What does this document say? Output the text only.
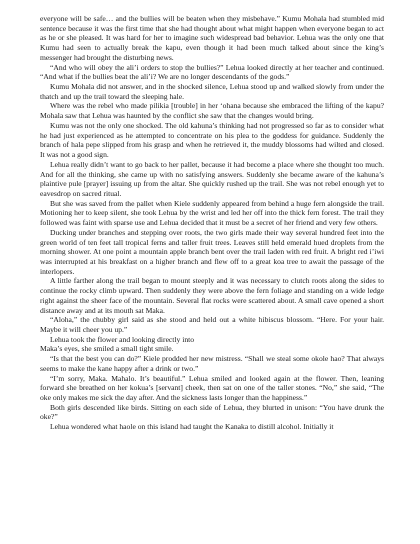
everyone will be safe… and the bullies will be beaten when they misbehave.” Kumu Mohala had stumbled mid sentence because it was the first time that she had thought about what might happen when everyone began to act as he or she pleased. It was hard for her to imagine such widespread bad behavior. Lehua was the only one that Kumu had seen to actually break the kapu, even though it had been much talked about since the king’s messenger had brought the disturbing news.

“And who will obey the ali’i orders to stop the bullies?” Lehua looked directly at her teacher and continued. “And what if the bullies beat the ali’i? We are no longer descendants of the gods.”

Kumu Mohala did not answer, and in the shocked silence, Lehua stood up and walked slowly from under the thatch and up the trail toward the sleeping hale.

Where was the rebel who made pilikia [trouble] in her ‘ohana because she embraced the lifting of the kapu? Mohala saw that Lehua was haunted by the conflict she saw that the changes would bring.

Kumu was not the only one shocked. The old kahuna’s thinking had not progressed so far as to consider what he had just experienced as he attempted to concentrate on his plea to the goddess for guidance. Suddenly the branch of hala pepe slipped from his grasp and when he retrieved it, the muddy blossoms had wilted and closed. It was not a good sign.

Lehua really didn’t want to go back to her pallet, because it had become a place where she thought too much. And for all the thinking, she came up with no satisfying answers. Suddenly she became aware of the kahuna’s plaintive pule [prayer] issuing up from the altar. She quickly rushed up the trail. She was not rebel enough yet to eavesdrop on sacred ritual.

But she was saved from the pallet when Kiele suddenly appeared from behind a huge fern alongside the trail. Motioning her to keep silent, she took Lehua by the wrist and led her off into the thick fern forest. The trail they followed was faint with sparse use and Lehua decided that it must be a secret of her friend and very few others.

Ducking under branches and stepping over roots, the two girls made their way several hundred feet into the green world of ten feet tall tropical ferns and taller fruit trees. Leaves still held emerald hued droplets from the morning shower. At one point a mountain apple branch bent over the trail laden with red fruit. A bright red i’iwi was interrupted at his breakfast on a higher branch and flew off to a great koa tree to await the passage of the interlopers.

A little farther along the trail began to mount steeply and it was necessary to clutch roots along the sides to continue the rocky climb upward. Then suddenly they were above the fern foliage and standing on a wide ledge right against the sheer face of the mountain. Several flat rocks were scattered about. A small cave opened a short distance away and at its mouth sat Maka.

“Aloha,” the chubby girl said as she stood and held out a white hibiscus blossom. “Here. For your hair. Maybe it will cheer you up.”

Lehua took the flower and looking directly into

Maka’s eyes, she smiled a small tight smile.

“Is that the best you can do?” Kiele prodded her new mistress. “Shall we steal some okole hao? That always seems to make the kane happy after a drink or two.”

“I’m sorry, Maka. Mahalo. It’s beautiful.” Lehua smiled and looked again at the flower. Then, leaning forward she breathed on her kokua’s [servant] cheek, then sat on one of the taller stones. “No,” she said, “The oke only makes me sick the day after. And the sickness lasts longer than the happiness.”

Both girls descended like birds. Sitting on each side of Lehua, they blurted in unison: “You have drunk the oke?”

Lehua wondered what haole on this island had taught the Kanaka to distill alcohol. Initially it
